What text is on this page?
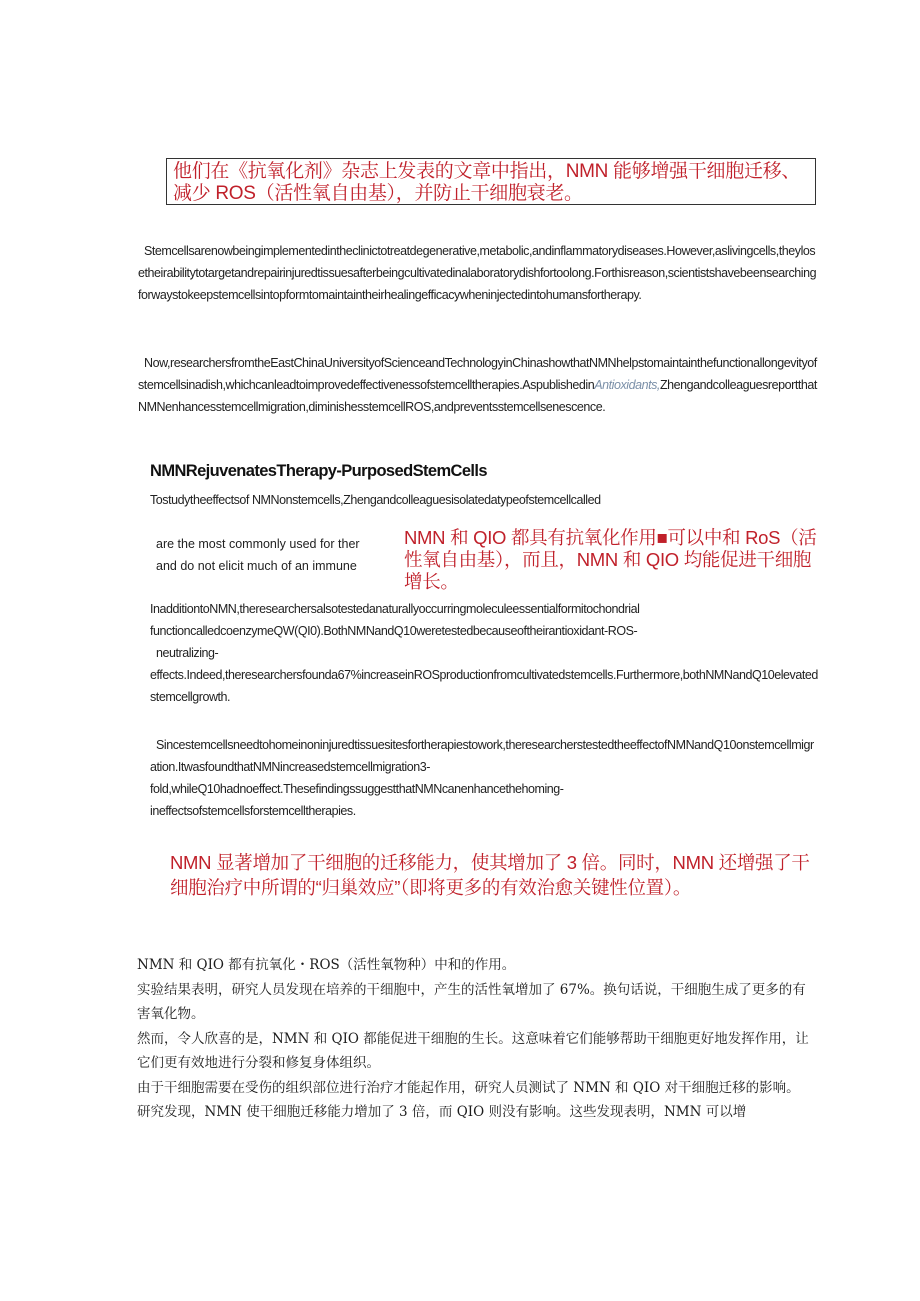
他们在《抗氧化剂》杂志上发表的文章中指出，NMN 能够增强干细胞迁移、减少 ROS（活性氧自由基），并防止干细胞衰老。
Stemcellsarenowbeingimplementedintheclinictotreatdegenerative,metabolic,andinflammatorydiseases.However,aslivingcells,theylosetheirabilitytotargetandrepairinjuredtissuesafterbeingcultivatedinalaboratorydishfortoolong.Forthisreason,scientistshavebeensearchingforwaystokeepstemcellsintopformtomaintaintheirhealingefficacywheninjectedintohumansfortherapy.
Now,researchersfromtheEastChinaUniversityofScienceandTechnologyinChinashowthatNMNhelpstomaintainthefunctionallongevityofstemcellsinadish,whichcanleadtoimprovedeffectivenessofstemcelltherapies.AspublishedinAntioxidants,ZhengandcolleaguesreportthatNMNenhancesstemcellmigration,diminishesstemcellROS,andpreventsstemcellsenescence.
NMNRejuvenatesTherapy-PurposedStemCells
Tostudytheeffectsof NMNonstemcells,Zhengandcolleaguesisolatedatypeofstemcellcalled
are the most commonly used for ther
and do not elicit much of an immune
NMN 和 QIO 都具有抗氧化作用■可以中和 RoS（活性氧自由基），而且，NMN 和 QIO 均能促进干细胞增长。
InadditiontoNMN,theresearchersalsotestedanaturallyoccurringmoleculeessentialformitochondrial
functioncalledcoenzymeQW(QI0).BothNMNandQ10weretestedbecauseoftheirantioxidant-ROS-
neutralizing-
effects.Indeed,theresearchersfounda67%increaseinROSproductionfromcultivatedstemcells.Furthermore,bothNMNandQ10elevatedstemcellgrowth.
Sincestemcellsneedtohomeinoninjuredtissuesitesfortherapiestowork,theresearcherstestedtheeffectofNMNandQ10onstemcellmigration.ItwasfoundthatNMNincreasedstemcellmigration3-
fold,whileQ10hadnoeffect.ThesefindingssuggestthatNMNcanenhancethehoming-
ineffectsofstemcellsforstemcelltherapies.
NMN 显著增加了干细胞的迁移能力，使其增加了 3 倍。同时，NMN 还增强了干细胞治疗中所谓的“归巢效应”（即将更多的有效治愈关键性位置）。

NMN 和 QIO 都有抗氧化・ROS（活性氧物种）中和的作用。

实验结果表明，研究人员发现在培养的干细胞中，产生的活性氧增加了 67%。换句话说，干细胞生成了更多的有害氧化物。

然而，令人欣喜的是，NMN 和 QIO 都能促进干细胞的生长。这意味着它们能够帮助干细胞更好地发挥作用，让它们更有效地进行分裂和修复身体组织。

由于干细胞需要在受伤的组织部位进行治疗才能起作用，研究人员测试了 NMN 和 QIO 对干细胞迁移的影响。

研究发现，NMN 使干细胞迁移能力增加了 3 倍，而 QIO 则没有影响。这些发现表明，NMN 可以增
